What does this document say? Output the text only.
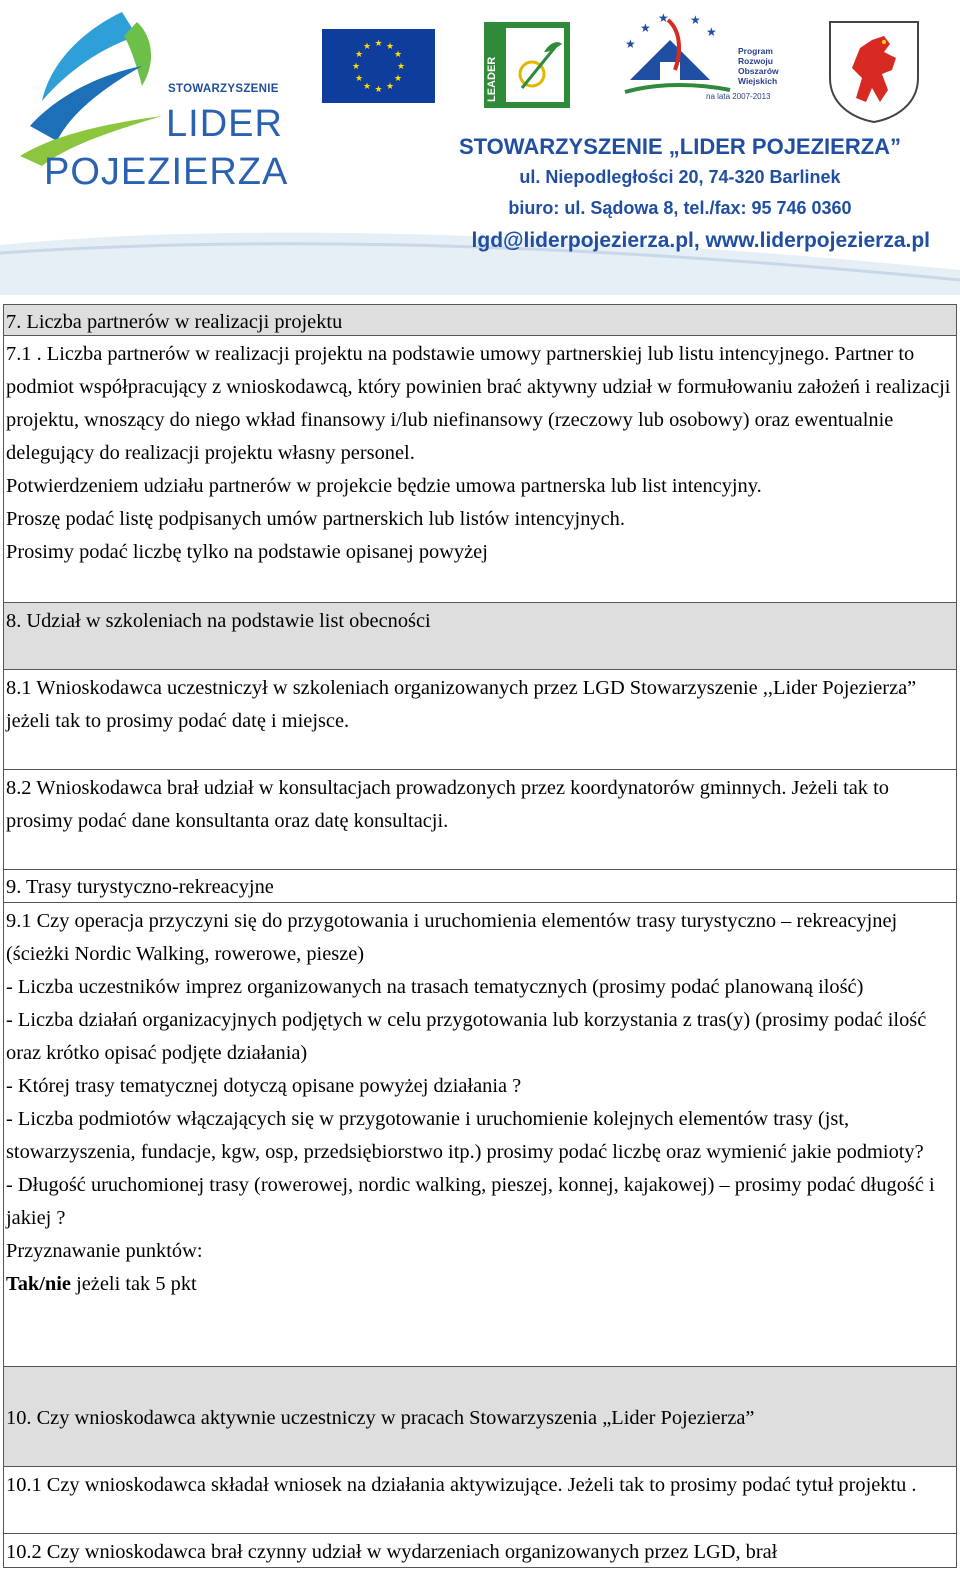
STOWARZYSZENIE
LIDER
POJEZIERZA
★ ★
★
★
★
★
★
★
★
★
★
★
LEADER
★
★
★ ★
★
Program
Rozwoju
Obszarów
Wiejskich
na lata 2007-2013
STOWARZYSZENIE „LIDER POJEZIERZA”
ul. Niepodległości 20, 74-320 Barlinek
biuro: ul. Sądowa 8, tel./fax: 95 746 0360
lgd@liderpojezierza.pl, www.liderpojezierza.pl

7. Liczba partnerów w realizacji projektu

7.1 . Liczba partnerów w realizacji projektu na podstawie umowy partnerskiej lub listu intencyjnego. Partner to podmiot współpracujący z wnioskodawcą, który powinien brać aktywny udział w formułowaniu założeń i realizacji projektu, wnoszący do niego wkład finansowy i/lub niefinansowy (rzeczowy lub osobowy) oraz ewentualnie delegujący do realizacji projektu własny personel.

Potwierdzeniem udziału partnerów w projekcie będzie umowa partnerska lub list intencyjny.

Proszę podać listę podpisanych umów partnerskich lub listów intencyjnych.

Prosimy podać liczbę tylko na podstawie opisanej powyżej

8. Udział w szkoleniach na podstawie list obecności

8.1 Wnioskodawca uczestniczył w szkoleniach organizowanych przez LGD Stowarzyszenie ,,Lider Pojezierza” jeżeli tak to prosimy podać datę i miejsce.

8.2 Wnioskodawca brał udział w konsultacjach prowadzonych przez koordynatorów gminnych. Jeżeli tak to prosimy podać dane konsultanta oraz datę konsultacji.

9. Trasy turystyczno-rekreacyjne

9.1 Czy operacja przyczyni się do przygotowania i uruchomienia elementów trasy turystyczno – rekreacyjnej (ścieżki Nordic Walking, rowerowe, piesze)

- Liczba uczestników imprez organizowanych na trasach tematycznych (prosimy podać planowaną ilość)

- Liczba działań organizacyjnych podjętych w celu przygotowania lub korzystania z tras(y) (prosimy podać ilość oraz krótko opisać podjęte działania)

- Której trasy tematycznej dotyczą opisane powyżej działania ?

- Liczba podmiotów włączających się w przygotowanie i uruchomienie kolejnych elementów trasy (jst, stowarzyszenia, fundacje, kgw, osp, przedsiębiorstwo itp.) prosimy podać liczbę oraz wymienić jakie podmioty?

- Długość uruchomionej trasy (rowerowej, nordic walking, pieszej, konnej, kajakowej) – prosimy podać długość i jakiej ?

Przyznawanie punktów:

Tak/nie jeżeli tak 5 pkt

10. Czy wnioskodawca aktywnie uczestniczy w pracach Stowarzyszenia „Lider Pojezierza”

10.1 Czy wnioskodawca składał wniosek na działania aktywizujące. Jeżeli tak to prosimy podać tytuł projektu .

10.2 Czy wnioskodawca brał czynny udział w wydarzeniach organizowanych przez LGD, brał
